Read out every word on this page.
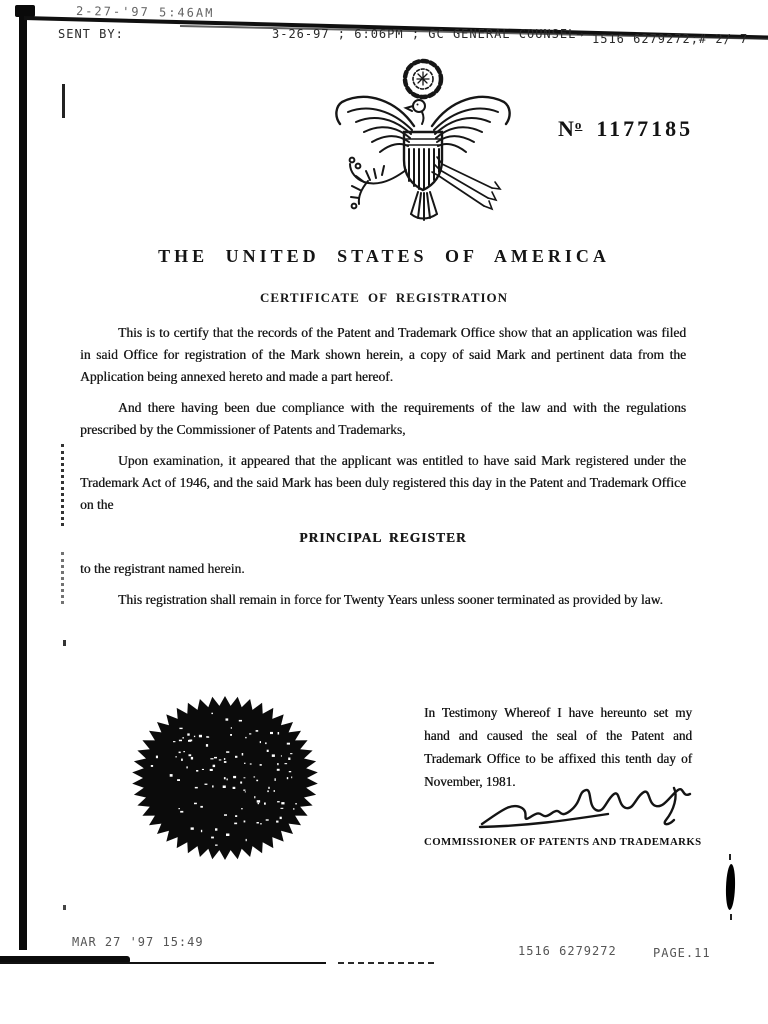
2-27-'97 5:46AM
SENT BY:	3-26-97 ; 6:06PM ; GC GENERAL COUNSEL→ 1516 6279272;# 2/ 7
$N^o$ 1177185
THE UNITED STATES OF AMERICA
CERTIFICATE OF REGISTRATION

This is to certify that the records of the Patent and Trademark Office show that an application was filed in said Office for registration of the Mark shown herein, a copy of said Mark and pertinent data from the Application being annexed hereto and made a part hereof.

And there having been due compliance with the requirements of the law and with the regulations prescribed by the Commissioner of Patents and Trademarks,

Upon examination, it appeared that the applicant was entitled to have said Mark registered under the Trademark Act of 1946, and the said Mark has been duly registered this day in the Patent and Trademark Office on the

PRINCIPAL REGISTER

to the registrant named herein.

This registration shall remain in force for Twenty Years unless sooner terminated as provided by law.

In Testimony Whereof I have hereunto set my hand and caused the seal of the Patent and Trademark Office to be affixed this tenth day of November, 1981.
COMMISSIONER OF PATENTS AND TRADEMARKS
MAR 27 '97 15:49
1516 6279272	PAGE.11
